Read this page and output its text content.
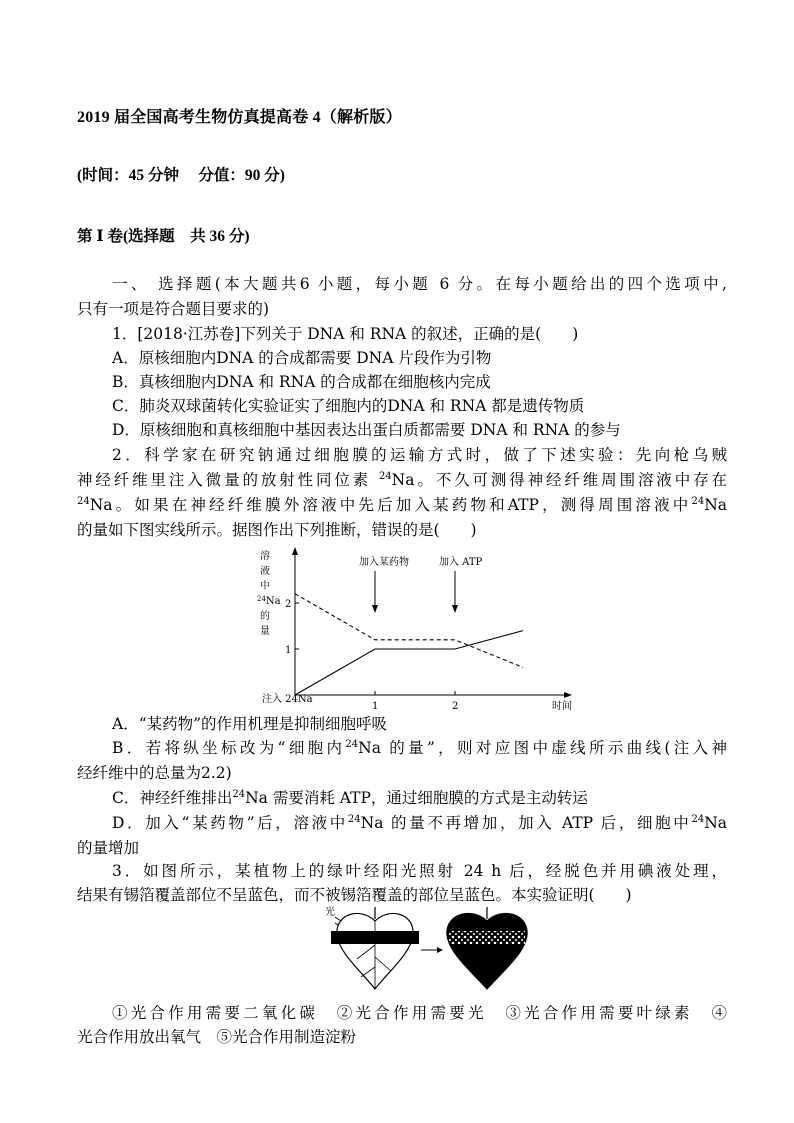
2019 届全国高考生物仿真提高卷 4（解析版）
(时间：45 分钟　 分值：90 分)
第 Ⅰ 卷(选择题　共 36 分)
一、 选择题(本大题共6 小题，每小题 6 分。在每小题给出的四个选项中,
只有一项是符合题目要求的)
1．[2018·江苏卷]下列关于 DNA 和 RNA 的叙述，正确的是(　　)
A．原核细胞内DNA 的合成都需要 DNA 片段作为引物
B．真核细胞内DNA 和 RNA 的合成都在细胞核内完成
C．肺炎双球菌转化实验证实了细胞内的DNA 和 RNA 都是遗传物质
D．原核细胞和真核细胞中基因表达出蛋白质都需要 DNA 和 RNA 的参与
2．科学家在研究钠通过细胞膜的运输方式时，做了下述实验：先向枪乌贼
神经纤维里注入微量的放射性同位素 $^{24}$Na。不久可测得神经纤维周围溶液中存在
$^{24}$Na。如果在神经纤维膜外溶液中先后加入某药物和ATP，测得周围溶液中$^{24}$Na
的量如下图实线所示。据图作出下列推断，错误的是(　　)
溶
液
中
$^{24}$Na
的
量
1
2
1	2
加入某药物	加入 ATP
时间
注入 24Na
A．“某药物”的作用机理是抑制细胞呼吸
B．若将纵坐标改为“细胞内$^{24}$Na 的量”，则对应图中虚线所示曲线(注入神
经纤维中的总量为2.2)
C．神经纤维排出$^{24}$Na 需要消耗 ATP，通过细胞膜的方式是主动转运
D．加入“某药物”后，溶液中$^{24}$Na 的量不再增加，加入 ATP 后，细胞中$^{24}$Na
的量增加
3．如图所示，某植物上的绿叶经阳光照射 24 h 后，经脱色并用碘液处理，
结果有锡箔覆盖部位不呈蓝色，而不被锡箔覆盖的部位呈蓝色。本实验证明(　　)
光
①光合作用需要二氧化碳　②光合作用需要光　③光合作用需要叶绿素　④
光合作用放出氧气　⑤光合作用制造淀粉
